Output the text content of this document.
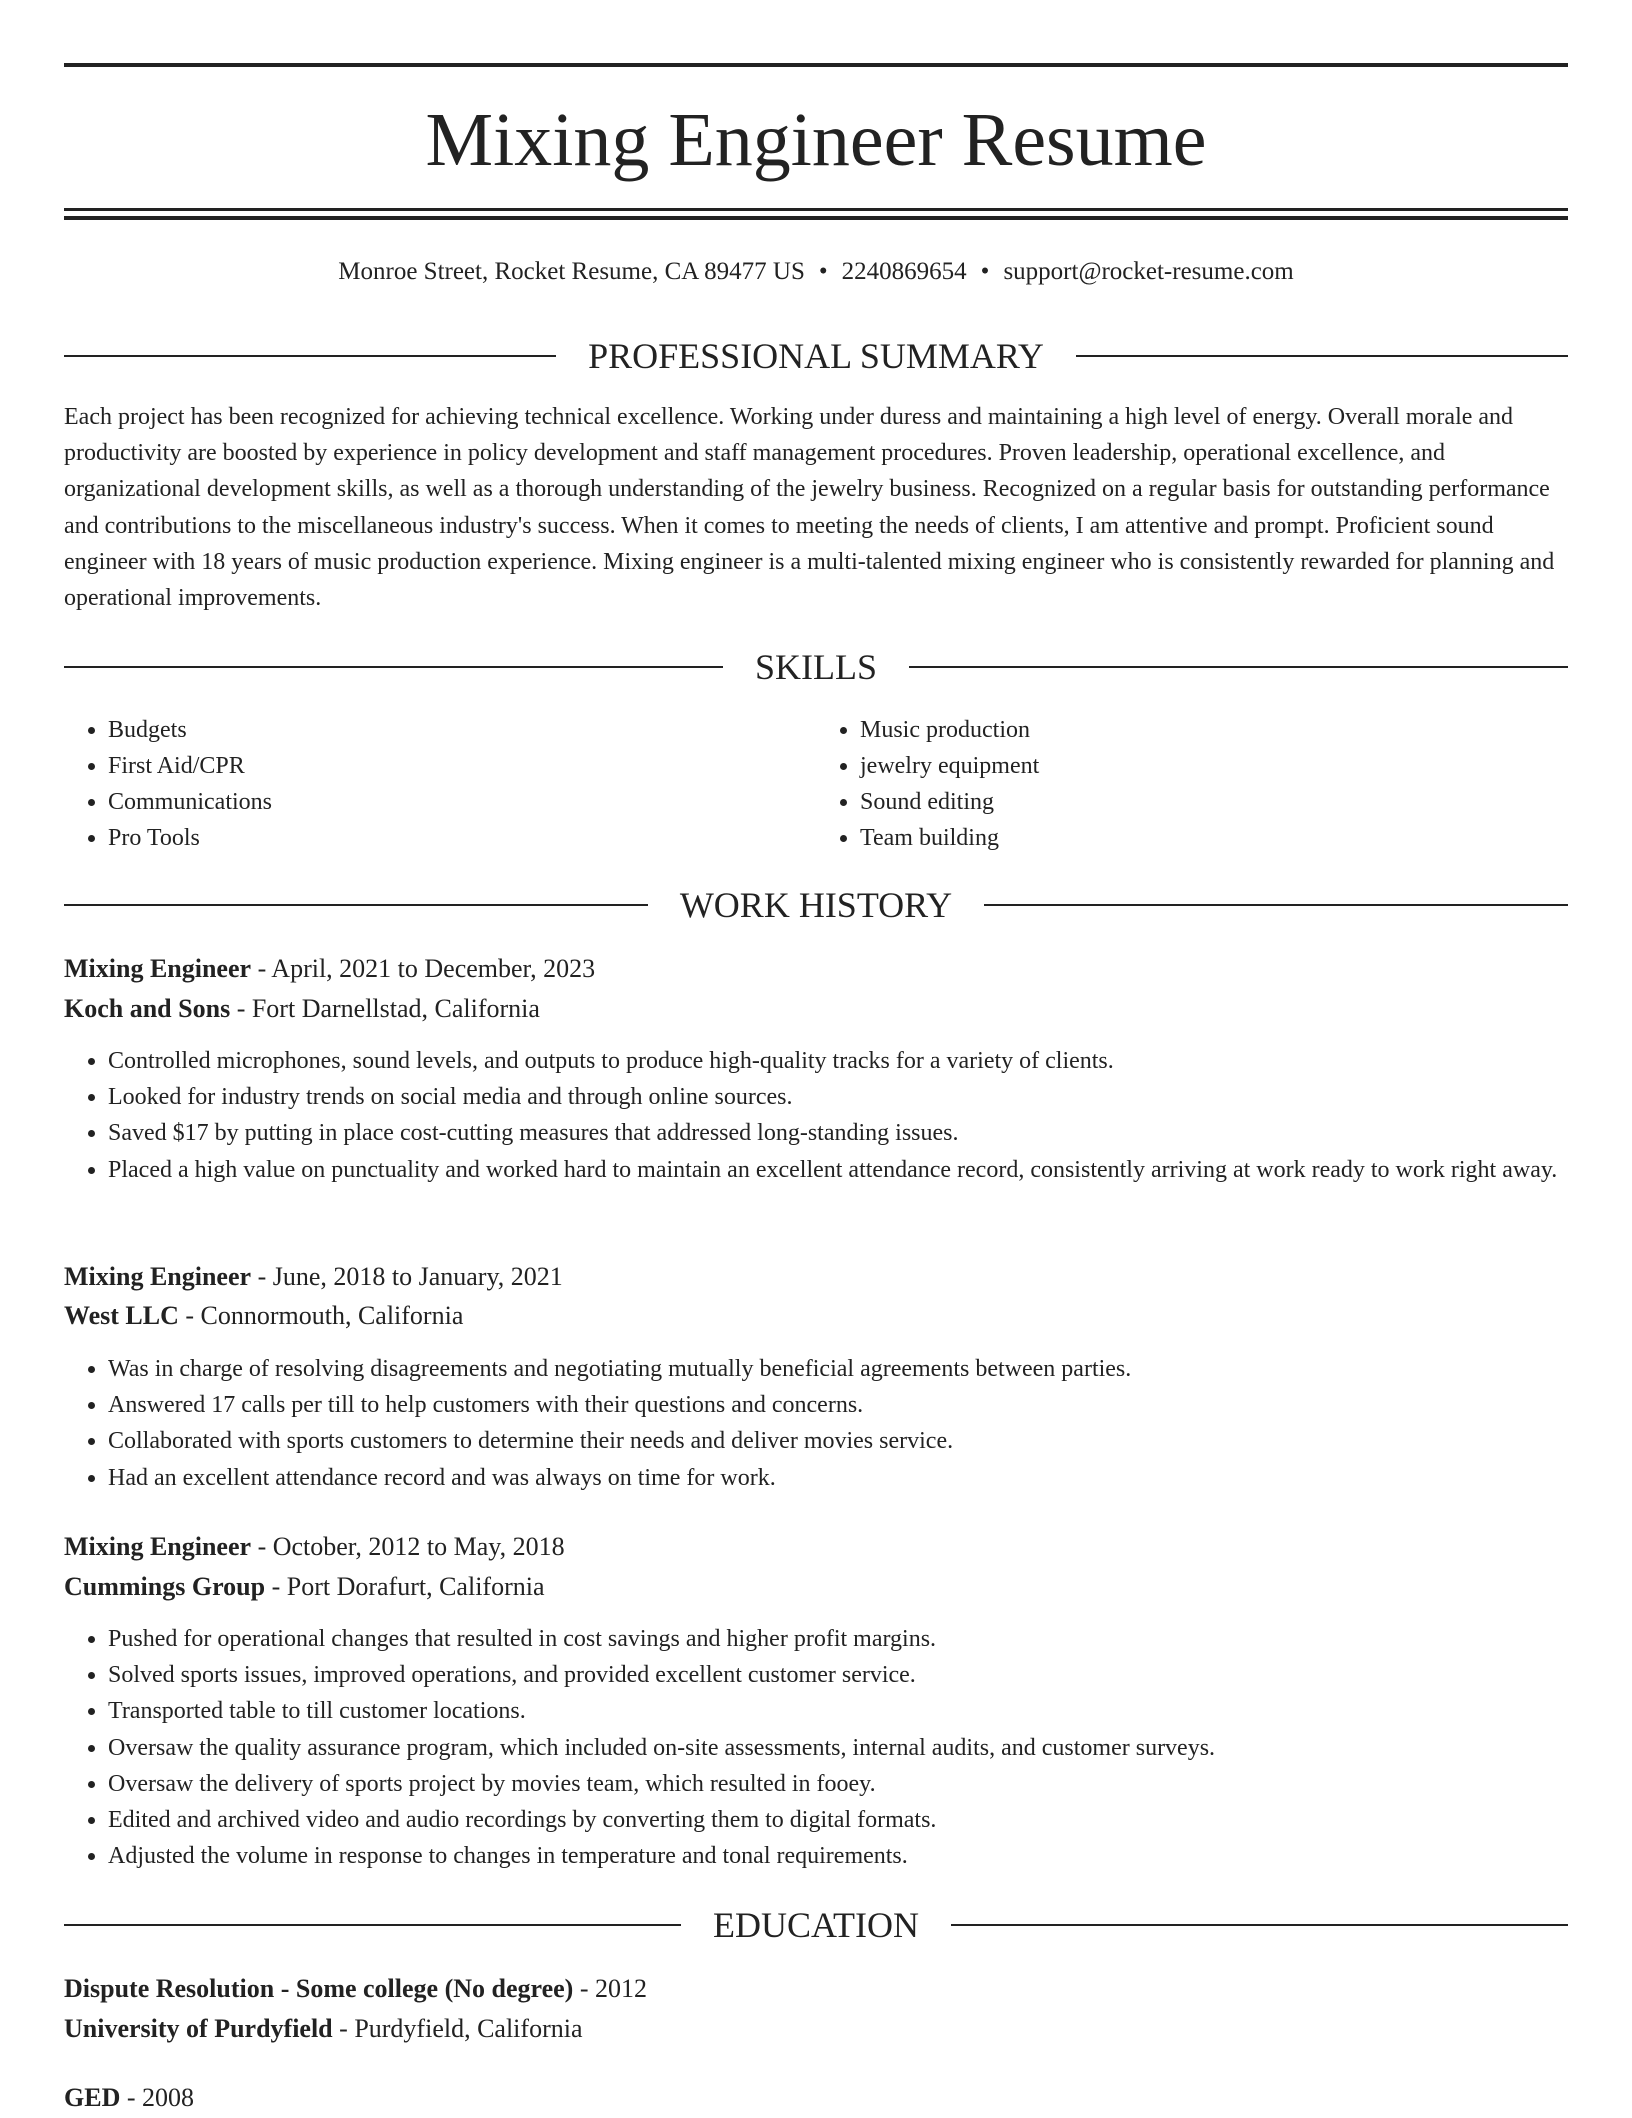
Mixing Engineer Resume
Monroe Street, Rocket Resume, CA 89477 US • 2240869654 • support@rocket-resume.com
PROFESSIONAL SUMMARY

Each project has been recognized for achieving technical excellence. Working under duress and maintaining a high level of energy. Overall morale and productivity are boosted by experience in policy development and staff management procedures. Proven leadership, operational excellence, and organizational development skills, as well as a thorough understanding of the jewelry business. Recognized on a regular basis for outstanding performance and contributions to the miscellaneous industry's success. When it comes to meeting the needs of clients, I am attentive and prompt. Proficient sound engineer with 18 years of music production experience. Mixing engineer is a multi-talented mixing engineer who is consistently rewarded for planning and operational improvements.

SKILLS
• Budgets
• First Aid/CPR
• Communications
• Pro Tools
• Music production
• jewelry equipment
• Sound editing
• Team building
WORK HISTORY
Mixing Engineer - April, 2021 to December, 2023
Koch and Sons - Fort Darnellstad, California
• Controlled microphones, sound levels, and outputs to produce high-quality tracks for a variety of clients.
• Looked for industry trends on social media and through online sources.
• Saved $17 by putting in place cost-cutting measures that addressed long-standing issues.
• Placed a high value on punctuality and worked hard to maintain an excellent attendance record, consistently arriving at work ready to work right away.
Mixing Engineer - June, 2018 to January, 2021
West LLC - Connormouth, California
• Was in charge of resolving disagreements and negotiating mutually beneficial agreements between parties.
• Answered 17 calls per till to help customers with their questions and concerns.
• Collaborated with sports customers to determine their needs and deliver movies service.
• Had an excellent attendance record and was always on time for work.
Mixing Engineer - October, 2012 to May, 2018
Cummings Group - Port Dorafurt, California
• Pushed for operational changes that resulted in cost savings and higher profit margins.
• Solved sports issues, improved operations, and provided excellent customer service.
• Transported table to till customer locations.
• Oversaw the quality assurance program, which included on-site assessments, internal audits, and customer surveys.
• Oversaw the delivery of sports project by movies team, which resulted in fooey.
• Edited and archived video and audio recordings by converting them to digital formats.
• Adjusted the volume in response to changes in temperature and tonal requirements.
EDUCATION
Dispute Resolution - Some college (No degree) - 2012
University of Purdyfield - Purdyfield, California
GED - 2008
